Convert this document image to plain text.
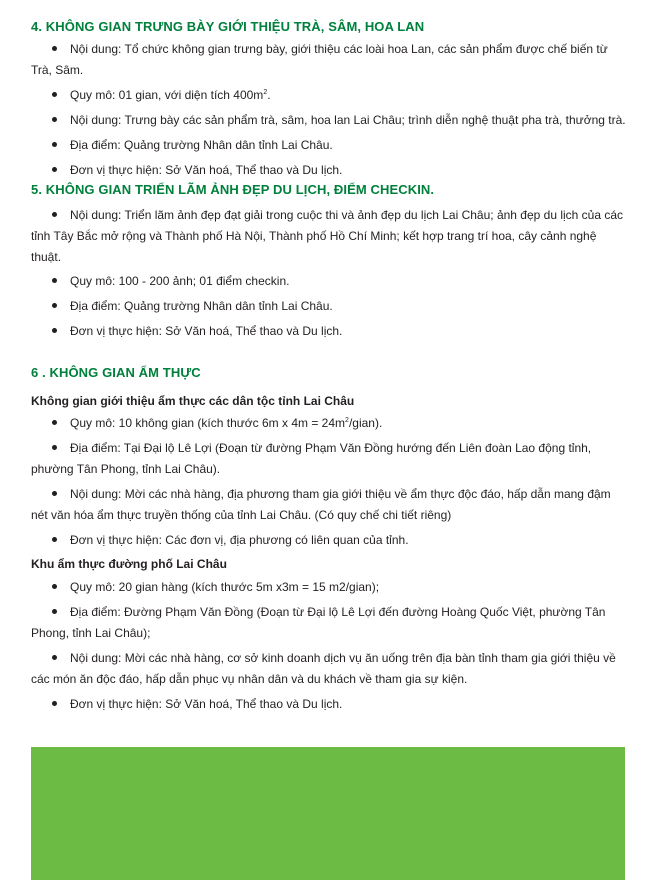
4. KHÔNG GIAN TRƯNG BÀY GIỚI THIỆU TRÀ, SÂM, HOA LAN
Nội dung: Tổ chức không gian trưng bày, giới thiệu các loài hoa Lan, các sản phẩm được chế biến từ Trà, Sâm.
Quy mô: 01 gian, với diện tích $400m^2$.
Nội dung: Trưng bày các sản phẩm trà, sâm, hoa lan Lai Châu; trình diễn nghệ thuật pha trà, thưởng trà.
Địa điểm: Quảng trường Nhân dân tỉnh Lai Châu.
Đơn vị thực hiện: Sở Văn hoá, Thể thao và Du lịch.
5. KHÔNG GIAN TRIỂN LÃM ẢNH ĐẸP DU LỊCH, ĐIỂM CHECKIN.
Nội dung: Triển lãm ảnh đẹp đạt giải trong cuộc thi và ảnh đẹp du lịch Lai Châu; ảnh đẹp du lịch của các tỉnh Tây Bắc mở rộng và Thành phố Hà Nội, Thành phố Hồ Chí Minh; kết hợp trang trí hoa, cây cảnh nghệ thuật.
Quy mô: 100 - 200 ảnh; 01 điểm checkin.
Địa điểm: Quảng trường Nhân dân tỉnh Lai Châu.
Đơn vị thực hiện: Sở Văn hoá, Thể thao và Du lịch.
6 . KHÔNG GIAN ẨM THỰC

Không gian giới thiệu ẩm thực các dân tộc tỉnh Lai Châu

Quy mô: 10 không gian (kích thước 6m x $4m = 24m^2/gian$).
Địa điểm: Tại Đại lộ Lê Lợi (Đoạn từ đường Phạm Văn Đồng hướng đến Liên đoàn Lao động tỉnh, phường Tân Phong, tỉnh Lai Châu).
Nội dung: Mời các nhà hàng, địa phương tham gia giới thiệu về ẩm thực độc đáo, hấp dẫn mang đậm nét văn hóa ẩm thực truyền thống của tỉnh Lai Châu. (Có quy chế chi tiết riêng)
Đơn vị thực hiện: Các đơn vị, địa phương có liên quan của tỉnh.

Khu ẩm thực đường phố Lai Châu

Quy mô: 20 gian hàng (kích thước 5m x3m = 15 m2/gian);
Địa điểm: Đường Phạm Văn Đồng (Đoạn từ Đại lộ Lê Lợi đến đường Hoàng Quốc Việt, phường Tân Phong, tỉnh Lai Châu);
Nội dung: Mời các nhà hàng, cơ sở kinh doanh dịch vụ ăn uống trên địa bàn tỉnh tham gia giới thiệu về các món ăn độc đáo, hấp dẫn phục vụ nhân dân và du khách về tham gia sự kiện.
Đơn vị thực hiện: Sở Văn hoá, Thể thao và Du lịch.
